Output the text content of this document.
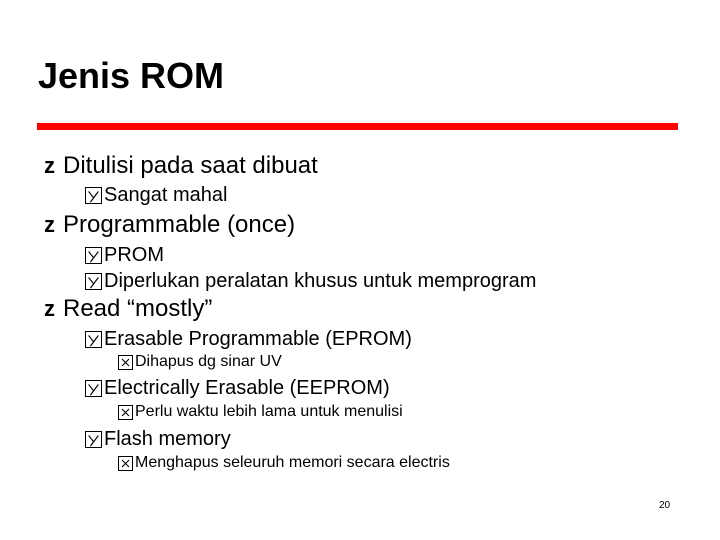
Jenis ROM
z Ditulisi pada saat dibuat
Sangat mahal
z Programmable (once)
PROM
Diperlukan peralatan khusus untuk memprogram
z Read “mostly”
Erasable Programmable (EPROM)
Dihapus dg sinar UV
Electrically Erasable (EEPROM)
Perlu waktu lebih lama untuk menulisi
Flash memory
Menghapus seleuruh memori secara electris
20
